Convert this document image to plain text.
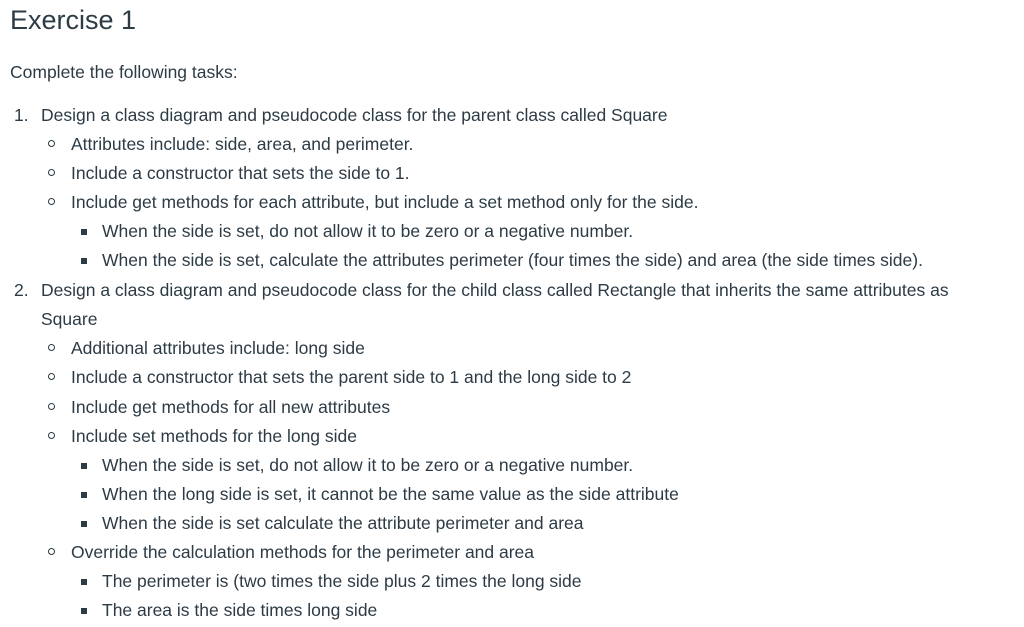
Exercise 1

Complete the following tasks:

1. Design a class diagram and pseudocode class for the parent class called Square
Attributes include: side, area, and perimeter.
Include a constructor that sets the side to 1.
Include get methods for each attribute, but include a set method only for the side.
When the side is set, do not allow it to be zero or a negative number.
When the side is set, calculate the attributes perimeter (four times the side) and area (the side times side).
2. Design a class diagram and pseudocode class for the child class called Rectangle that inherits the same attributes as
Square
Additional attributes include: long side
Include a constructor that sets the parent side to 1 and the long side to 2
Include get methods for all new attributes
Include set methods for the long side
When the side is set, do not allow it to be zero or a negative number.
When the long side is set, it cannot be the same value as the side attribute
When the side is set calculate the attribute perimeter and area
Override the calculation methods for the perimeter and area
The perimeter is (two times the side plus 2 times the long side
The area is the side times long side
